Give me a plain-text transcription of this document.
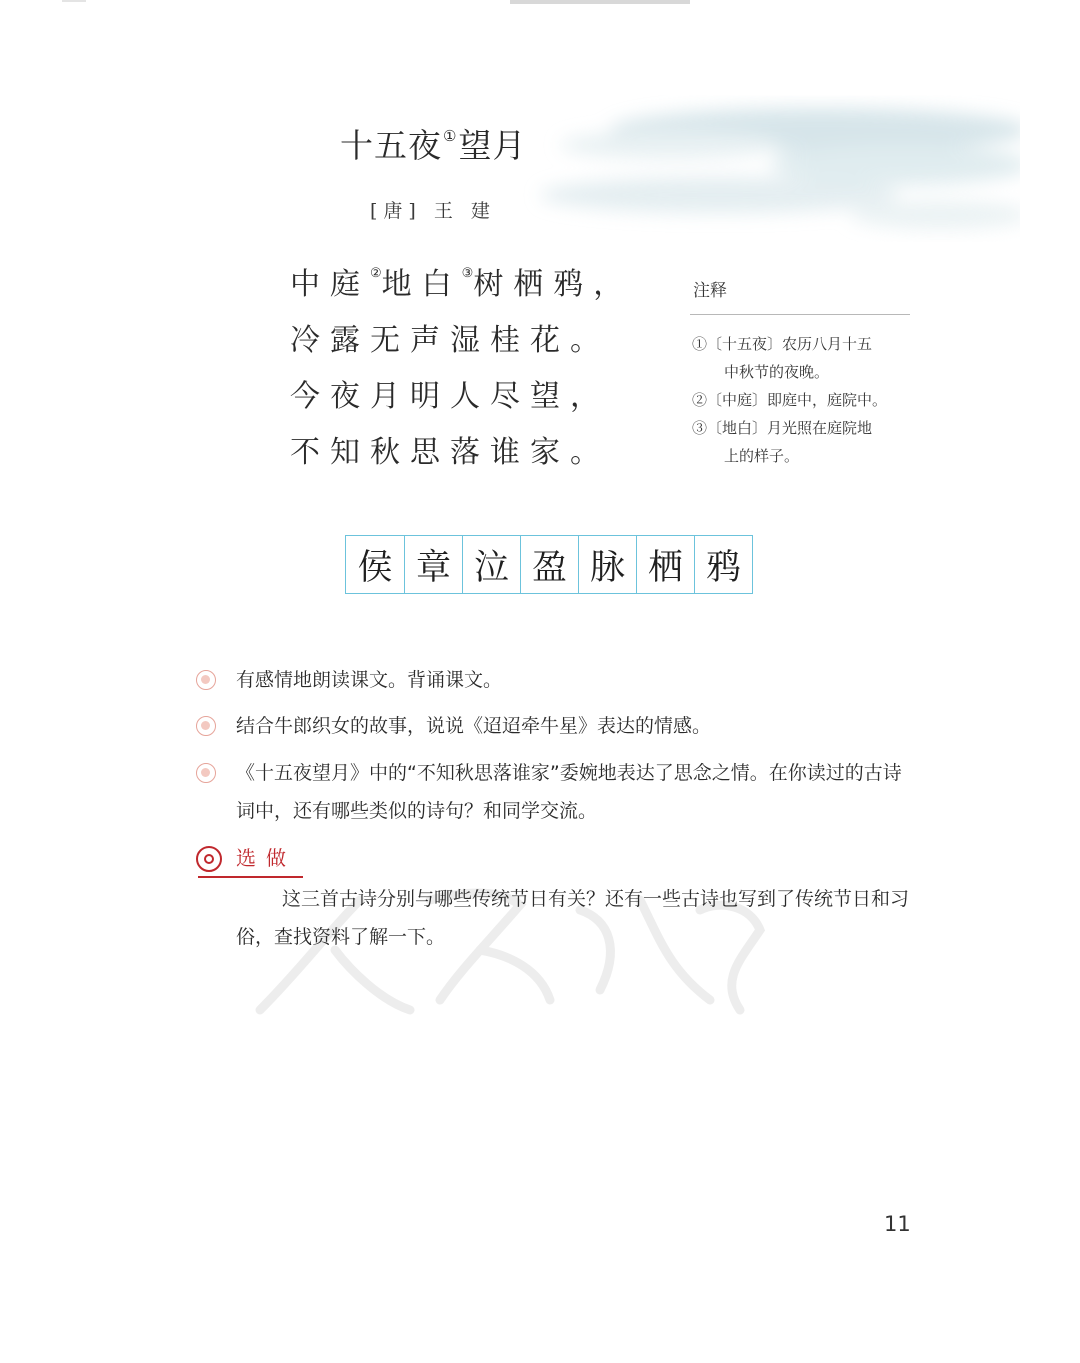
十五夜①望月
[唐] 王 建
中庭②地白③树栖鸦，
冷露无声湿桂花。
今夜月明人尽望，
不知秋思落谁家。
注释
①〔十五夜〕农历八月十五
中秋节的夜晚。
②〔中庭〕即庭中，庭院中。
③〔地白〕月光照在庭院地
上的样子。
侯 章 泣 盈 脉 栖 鸦
有感情地朗读课文。背诵课文。
结合牛郎织女的故事，说说《迢迢牵牛星》表达的情感。
《十五夜望月》中的“不知秋思落谁家”委婉地表达了思念之情。在你读过的古诗词中，还有哪些类似的诗句？和同学交流。
选做
这三首古诗分别与哪些传统节日有关？还有一些古诗也写到了传统节日和习俗，查找资料了解一下。
11
